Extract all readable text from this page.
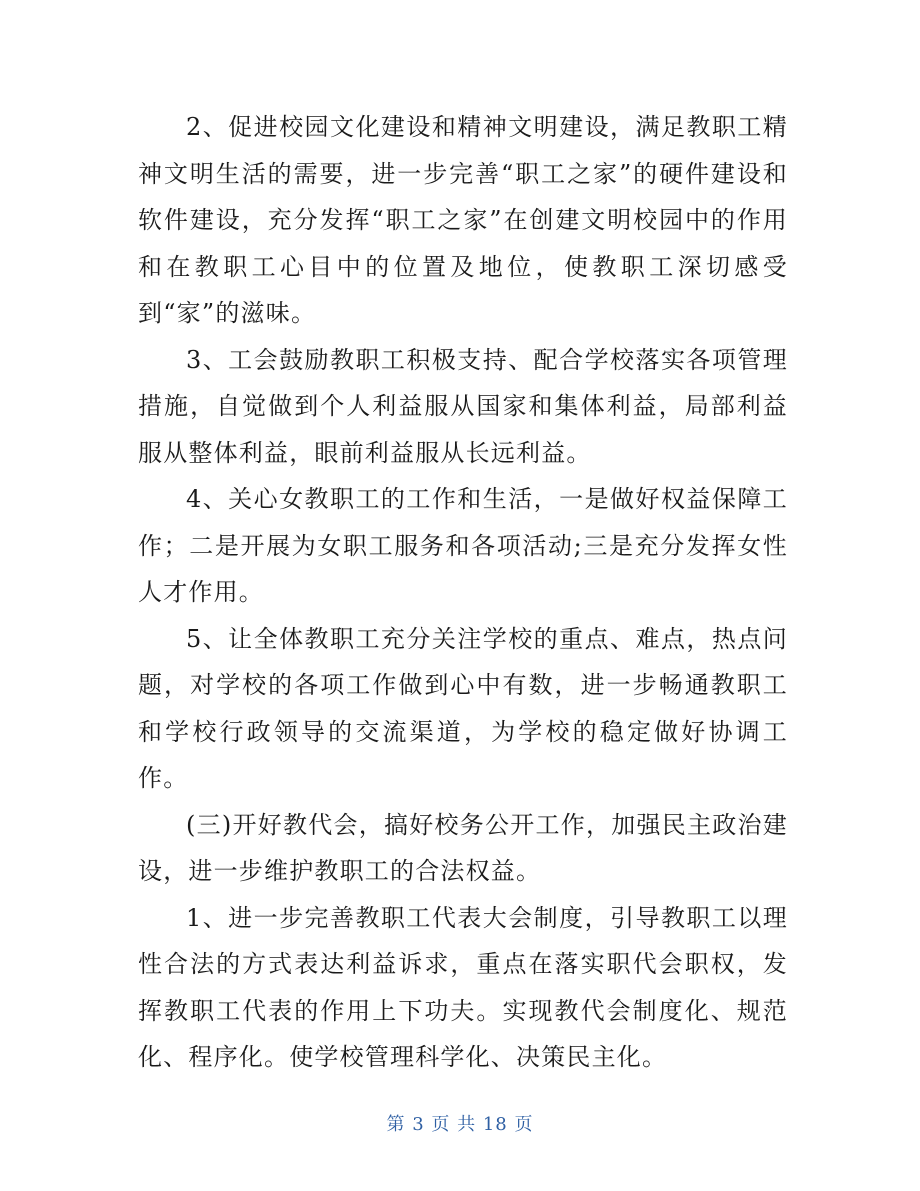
2、促进校园文化建设和精神文明建设，满足教职工精神文明生活的需要，进一步完善“职工之家”的硬件建设和软件建设，充分发挥“职工之家”在创建文明校园中的作用和在教职工心目中的位置及地位，使教职工深切感受到“家”的滋味。

3、工会鼓励教职工积极支持、配合学校落实各项管理措施，自觉做到个人利益服从国家和集体利益，局部利益服从整体利益，眼前利益服从长远利益。

4、关心女教职工的工作和生活，一是做好权益保障工作；二是开展为女职工服务和各项活动;三是充分发挥女性人才作用。

5、让全体教职工充分关注学校的重点、难点，热点问题，对学校的各项工作做到心中有数，进一步畅通教职工和学校行政领导的交流渠道，为学校的稳定做好协调工作。

(三)开好教代会，搞好校务公开工作，加强民主政治建设，进一步维护教职工的合法权益。

1、进一步完善教职工代表大会制度，引导教职工以理性合法的方式表达利益诉求，重点在落实职代会职权，发挥教职工代表的作用上下功夫。实现教代会制度化、规范化、程序化。使学校管理科学化、决策民主化。

第 3 页 共 18 页
